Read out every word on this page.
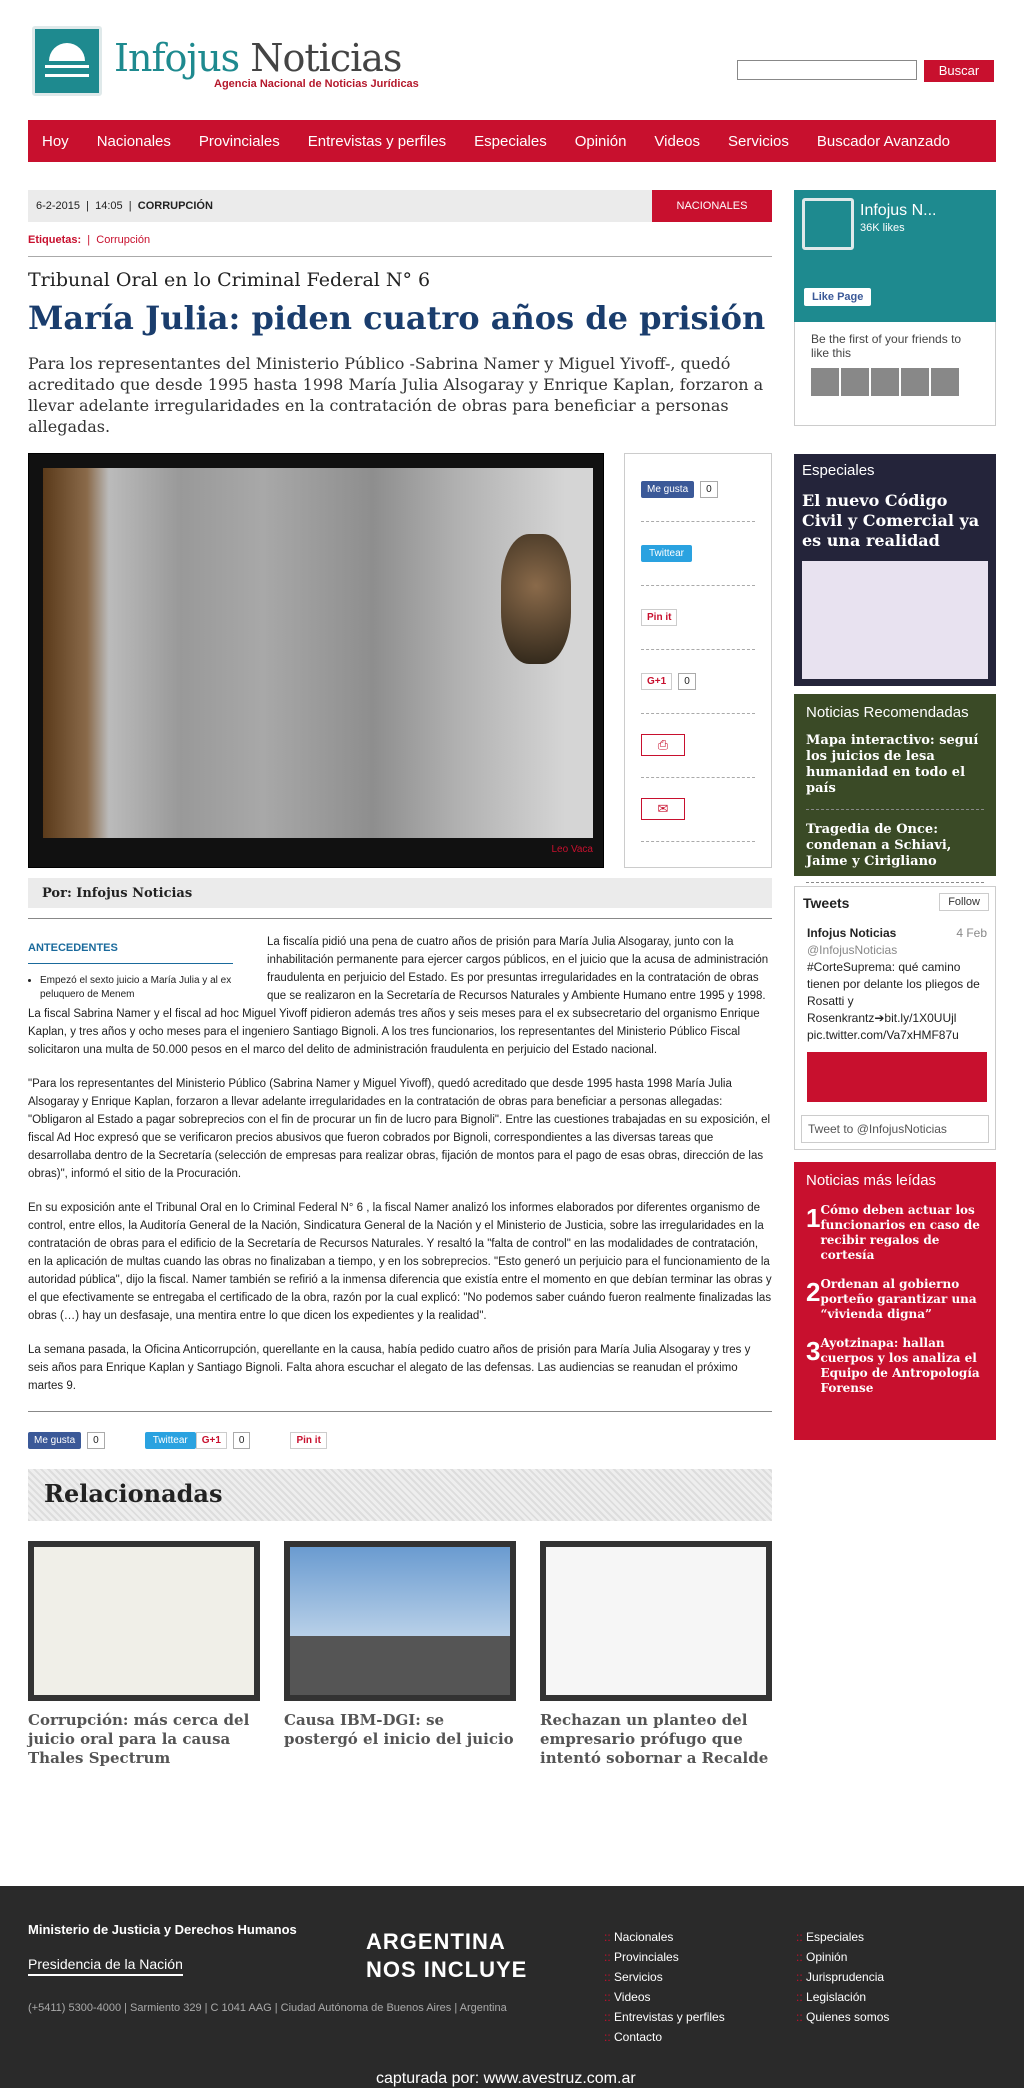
Infojus Noticias
Agencia Nacional de Noticias Jurídicas
Buscar
Hoy Nacionales Provinciales Entrevistas y perfiles Especiales Opinión Videos Servicios Buscador Avanzado
6-2-2015 | 14:05 | CORRUPCIÓN	NACIONALES
Etiquetas:  |  Corrupción
Tribunal Oral en lo Criminal Federal N° 6
María Julia: piden cuatro años de prisión

Para los representantes del Ministerio Público -Sabrina Namer y Miguel Yivoff-, quedó acreditado que desde 1995 hasta 1998 María Julia Alsogaray y Enrique Kaplan, forzaron a llevar adelante irregularidades en la contratación de obras para beneficiar a personas allegadas.

Leo Vaca
Me gusta	0
Twittear
Pin it
G+1	0
⎙
✉
Por: Infojus Noticias
ANTECEDENTES
• Empezó el sexto juicio a María Julia y al ex peluquero de Menem

La fiscalía pidió una pena de cuatro años de prisión para María Julia Alsogaray, junto con la inhabilitación permanente para ejercer cargos públicos, en el juicio que la acusa de administración fraudulenta en perjuicio del Estado. Es por presuntas irregularidades en la contratación de obras que se realizaron en la Secretaría de Recursos Naturales y Ambiente Humano entre 1995 y 1998. La fiscal Sabrina Namer y el fiscal ad hoc Miguel Yivoff pidieron además tres años y seis meses para el ex subsecretario del organismo Enrique Kaplan, y tres años y ocho meses para el ingeniero Santiago Bignoli. A los tres funcionarios, los representantes del Ministerio Público Fiscal solicitaron una multa de 50.000 pesos en el marco del delito de administración fraudulenta en perjuicio del Estado nacional.

"Para los representantes del Ministerio Público (Sabrina Namer y Miguel Yivoff), quedó acreditado que desde 1995 hasta 1998 María Julia Alsogaray y Enrique Kaplan, forzaron a llevar adelante irregularidades en la contratación de obras para beneficiar a personas allegadas: "Obligaron al Estado a pagar sobreprecios con el fin de procurar un fin de lucro para Bignoli". Entre las cuestiones trabajadas en su exposición, el fiscal Ad Hoc expresó que se verificaron precios abusivos que fueron cobrados por Bignoli, correspondientes a las diversas tareas que desarrollaba dentro de la Secretaría (selección de empresas para realizar obras, fijación de montos para el pago de esas obras, dirección de las obras)", informó el sitio de la Procuración.

En su exposición ante el Tribunal Oral en lo Criminal Federal N° 6 , la fiscal Namer analizó los informes elaborados por diferentes organismo de control, entre ellos, la Auditoría General de la Nación, Sindicatura General de la Nación y el Ministerio de Justicia, sobre las irregularidades en la contratación de obras para el edificio de la Secretaría de Recursos Naturales. Y resaltó la "falta de control" en las modalidades de contratación, en la aplicación de multas cuando las obras no finalizaban a tiempo, y en los sobreprecios. "Esto generó un perjuicio para el funcionamiento de la autoridad pública", dijo la fiscal. Namer también se refirió a la inmensa diferencia que existía entre el momento en que debían terminar las obras y el que efectivamente se entregaba el certificado de la obra, razón por la cual explicó: "No podemos saber cuándo fueron realmente finalizadas las obras (…) hay un desfasaje, una mentira entre lo que dicen los expedientes y la realidad".

La semana pasada, la Oficina Anticorrupción, querellante en la causa, había pedido cuatro años de prisión para María Julia Alsogaray y tres y seis años para Enrique Kaplan y Santiago Bignoli. Falta ahora escuchar el alegato de las defensas. Las audiencias se reanudan el próximo martes 9.

Me gusta	0	Twittear	G+1	0	Pin it
Relacionadas
Corrupción: más cerca del juicio oral para la causa Thales Spectrum
Causa IBM-DGI: se postergó el inicio del juicio
Rechazan un planteo del empresario prófugo que intentó sobornar a Recalde
Infojus N...
36K likes
Like Page
Be the first of your friends to like this
Especiales
El nuevo Código Civil y Comercial ya es una realidad
Noticias Recomendadas
Mapa interactivo: seguí los juicios de lesa humanidad en todo el país
Tragedia de Once: condenan a Schiavi, Jaime y Cirigliano
Tweets	Follow
Infojus Noticias	4 Feb

@InfojusNoticias
#CorteSuprema: qué camino tienen por delante los pliegos de Rosatti y Rosenkrantz➔bit.ly/1X0UUjl pic.twitter.com/Va7xHMF87u
Tweet to @InfojusNoticias
Noticias más leídas
1 Cómo deben actuar los funcionarios en caso de recibir regalos de cortesía
2 Ordenan al gobierno porteño garantizar una “vivienda digna”
3 Ayotzinapa: hallan cuerpos y los analiza el Equipo de Antropología Forense
Ministerio de Justicia y Derechos Humanos
Presidencia de la Nación
(+5411) 5300-4000 | Sarmiento 329 | C 1041 AAG | Ciudad Autónoma de Buenos Aires | Argentina
ARGENTINA
NOS INCLUYE
:: Nacionales
:: Provinciales
:: Servicios
:: Videos
:: Entrevistas y perfiles
:: Contacto
:: Especiales
:: Opinión
:: Jurisprudencia
:: Legislación
:: Quienes somos
capturada por: www.avestruz.com.ar
